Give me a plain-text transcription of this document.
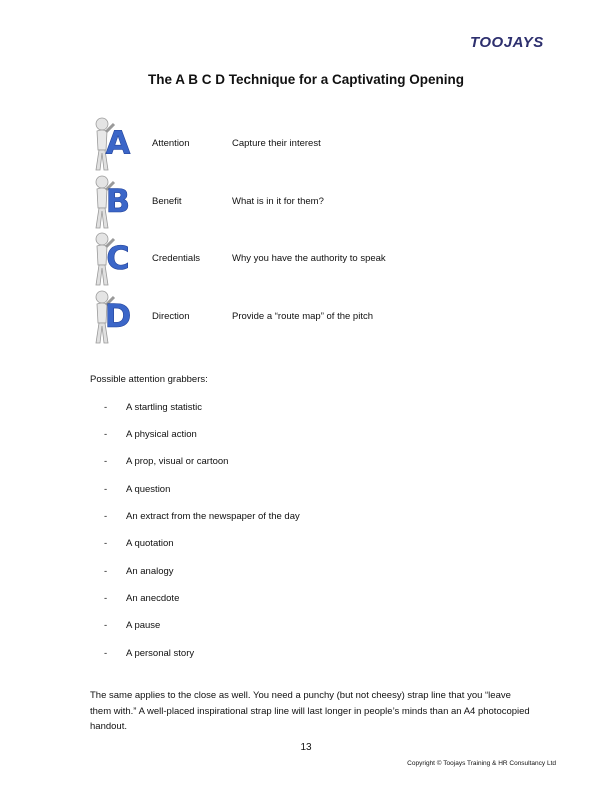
TOOJAYS
The A B C D Technique for a Captivating Opening
A Attention	Capture their interest
B Benefit	What is in it for them?
C Credentials	Why you have the authority to speak
D Direction	Provide a “route map” of the pitch
Possible attention grabbers:
- A startling statistic
- A physical action
- A prop, visual or cartoon
- A question
- An extract from the newspaper of the day
- A quotation
- An analogy
- An anecdote
- A pause
- A personal story
The same applies to the close as well. You need a punchy (but not cheesy) strap line that you “leave them with.” A well-placed inspirational strap line will last longer in people’s minds than an A4 photocopied handout.
13
Copyright © Toojays Training & HR Consultancy Ltd
